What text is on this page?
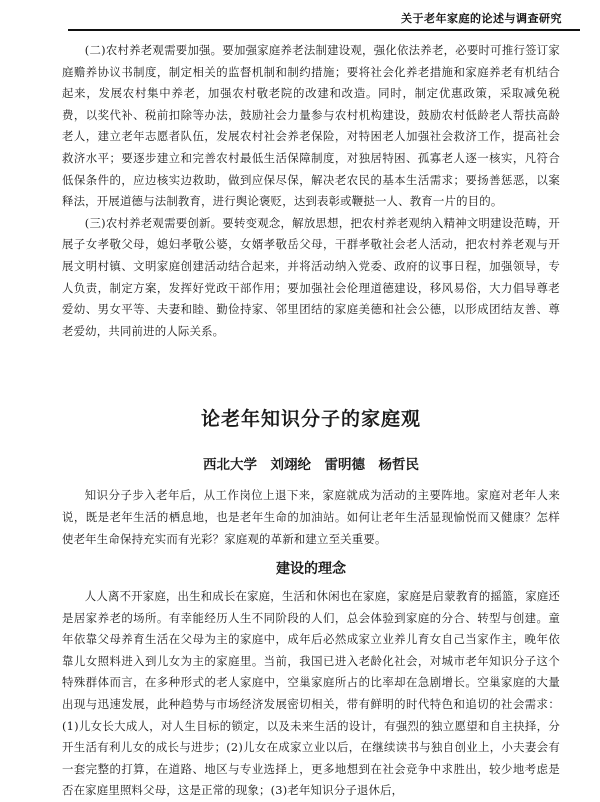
关于老年家庭的论述与调查研究

(二)农村养老观需要加强。要加强家庭养老法制建设观，强化依法养老，必要时可推行签订家庭赡养协议书制度，制定相关的监督机制和制约措施；要将社会化养老措施和家庭养老有机结合起来，发展农村集中养老，加强农村敬老院的改建和改造。同时，制定优惠政策，采取减免税费，以奖代补、税前扣除等办法，鼓励社会力量参与农村机构建设，鼓励农村低龄老人帮扶高龄老人，建立老年志愿者队伍，发展农村社会养老保险，对特困老人加强社会救济工作，提高社会救济水平；要逐步建立和完善农村最低生活保障制度，对独居特困、孤寡老人逐一核实，凡符合低保条件的，应边核实边救助，做到应保尽保，解决老农民的基本生活需求；要扬善惩恶，以案释法，开展道德与法制教育，进行舆论褒贬，达到表彰或鞭挞一人、教育一片的目的。

(三)农村养老观需要创新。要转变观念，解放思想，把农村养老观纳入精神文明建设范畴，开展子女孝敬父母，媳妇孝敬公婆，女婿孝敬岳父母，干群孝敬社会老人活动，把农村养老观与开展文明村镇、文明家庭创建活动结合起来，并将活动纳入党委、政府的议事日程，加强领导，专人负责，制定方案，发挥好党政干部作用；要加强社会伦理道德建设，移风易俗，大力倡导尊老爱幼、男女平等、夫妻和睦、勤俭持家、邻里团结的家庭美德和社会公德，以形成团结友善、尊老爱幼，共同前进的人际关系。

论老年知识分子的家庭观
西北大学　刘翊纶　雷明德　杨哲民

知识分子步入老年后，从工作岗位上退下来，家庭就成为活动的主要阵地。家庭对老年人来说，既是老年生活的栖息地，也是老年生命的加油站。如何让老年生活显现愉悦而又健康？怎样使老年生命保持充实而有光彩？家庭观的革新和建立至关重要。

建设的理念

人人离不开家庭，出生和成长在家庭，生活和休闲也在家庭，家庭是启蒙教育的摇篮，家庭还是居家养老的场所。有幸能经历人生不同阶段的人们，总会体验到家庭的分合、转型与创建。童年依靠父母养育生活在父母为主的家庭中，成年后必然成家立业养儿育女自己当家作主，晚年依靠儿女照料进入到儿女为主的家庭里。当前，我国已进入老龄化社会，对城市老年知识分子这个特殊群体而言，在多种形式的老人家庭中，空巢家庭所占的比率却在急剧增长。空巢家庭的大量出现与迅速发展，此种趋势与市场经济发展密切相关，带有鲜明的时代特色和追切的社会需求：(1)儿女长大成人，对人生目标的锁定，以及未来生活的设计，有强烈的独立愿望和自主抉择，分开生活有利儿女的成长与进步；(2)儿女在成家立业以后，在继续读书与独自创业上，小夫妻会有一套完整的打算，在道路、地区与专业选择上，更多地想到在社会竞争中求胜出，较少地考虑是否在家庭里照料父母，这是正常的现象；(3)老年知识分子退休后，
